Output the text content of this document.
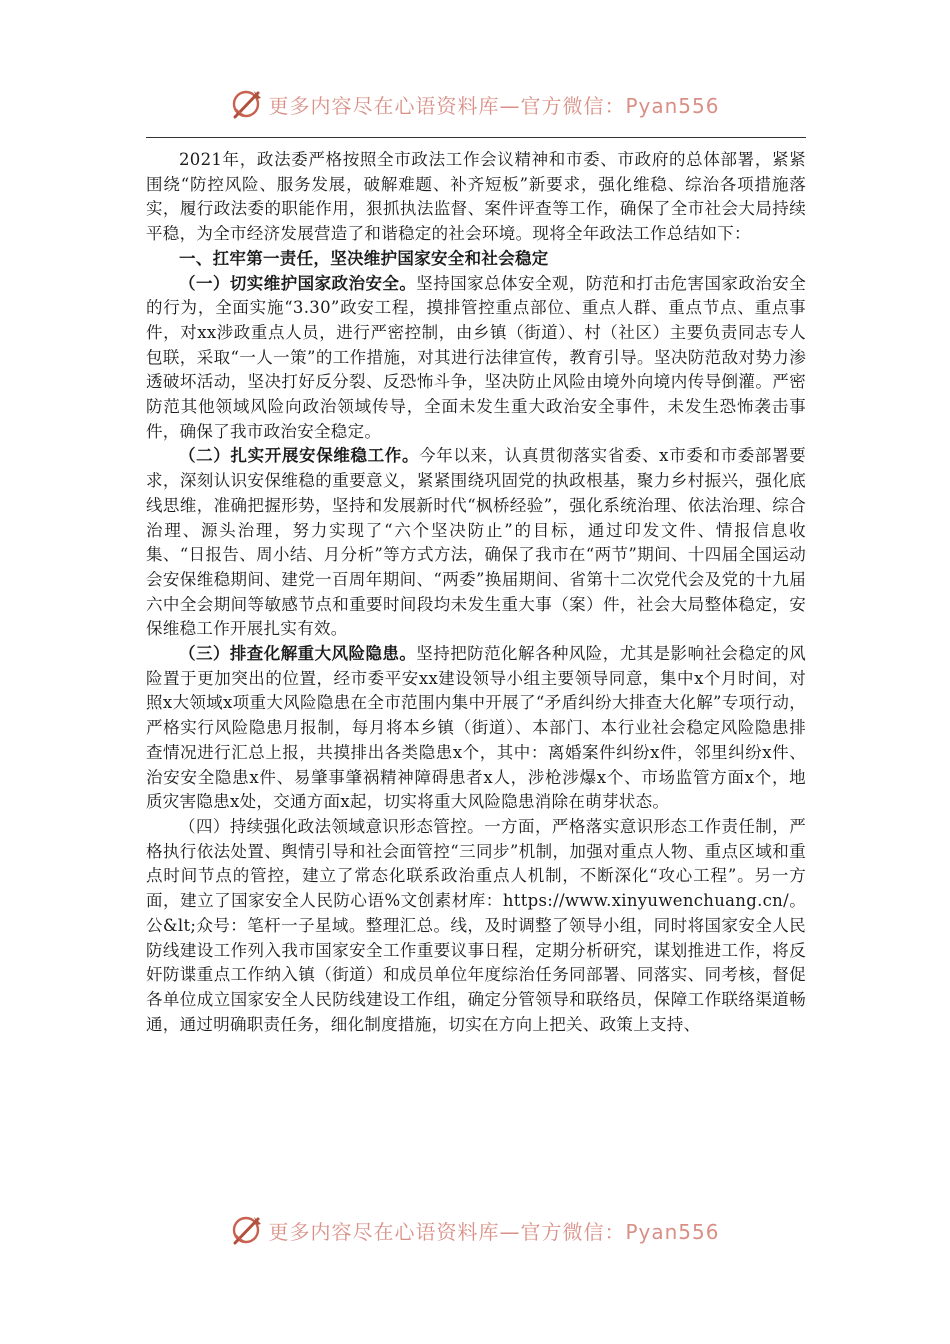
更多内容尽在心语资料库—官方微信：Pyan556

2021年，政法委严格按照全市政法工作会议精神和市委、市政府的总体部署，紧紧围绕“防控风险、服务发展，破解难题、补齐短板”新要求，强化维稳、综治各项措施落实，履行政法委的职能作用，狠抓执法监督、案件评查等工作，确保了全市社会大局持续平稳，为全市经济发展营造了和谐稳定的社会环境。现将全年政法工作总结如下：

一、扛牢第一责任，坚决维护国家安全和社会稳定

（一）切实维护国家政治安全。坚持国家总体安全观，防范和打击危害国家政治安全的行为，全面实施“3.30”政安工程，摸排管控重点部位、重点人群、重点节点、重点事件，对xx涉政重点人员，进行严密控制，由乡镇（街道）、村（社区）主要负责同志专人包联，采取“一人一策”的工作措施，对其进行法律宣传，教育引导。坚决防范敌对势力渗透破坏活动，坚决打好反分裂、反恐怖斗争，坚决防止风险由境外向境内传导倒灌。严密防范其他领域风险向政治领域传导，全面未发生重大政治安全事件，未发生恐怖袭击事件，确保了我市政治安全稳定。

（二）扎实开展安保维稳工作。今年以来，认真贯彻落实省委、x市委和市委部署要求，深刻认识安保维稳的重要意义，紧紧围绕巩固党的执政根基，聚力乡村振兴，强化底线思维，准确把握形势，坚持和发展新时代“枫桥经验”，强化系统治理、依法治理、综合治理、源头治理，努力实现了“六个坚决防止”的目标，通过印发文件、情报信息收集、“日报告、周小结、月分析”等方式方法，确保了我市在“两节”期间、十四届全国运动会安保维稳期间、建党一百周年期间、“两委”换届期间、省第十二次党代会及党的十九届六中全会期间等敏感节点和重要时间段均未发生重大事（案）件，社会大局整体稳定，安保维稳工作开展扎实有效。

（三）排查化解重大风险隐患。坚持把防范化解各种风险，尤其是影响社会稳定的风险置于更加突出的位置，经市委平安xx建设领导小组主要领导同意，集中x个月时间，对照x大领域x项重大风险隐患在全市范围内集中开展了“矛盾纠纷大排查大化解”专项行动，严格实行风险隐患月报制，每月将本乡镇（街道）、本部门、本行业社会稳定风险隐患排查情况进行汇总上报，共摸排出各类隐患x个，其中：离婚案件纠纷x件，邻里纠纷x件、治安安全隐患x件、易肇事肇祸精神障碍患者x人，涉枪涉爆x个、市场监管方面x个，地质灾害隐患x处，交通方面x起，切实将重大风险隐患消除在萌芽状态。

（四）持续强化政法领域意识形态管控。一方面，严格落实意识形态工作责任制，严格执行依法处置、舆情引导和社会面管控“三同步”机制，加强对重点人物、重点区域和重点时间节点的管控，建立了常态化联系政治重点人机制，不断深化“攻心工程”。另一方面，建立了国家安全人民防心语%文创素材库：https://www.xinyuwenchuang.cn/。公&lt;众号：笔杆一子星域。整理汇总。线，及时调整了领导小组，同时将国家安全人民防线建设工作列入我市国家安全工作重要议事日程，定期分析研究，谋划推进工作，将反奸防谍重点工作纳入镇（街道）和成员单位年度综治任务同部署、同落实、同考核，督促各单位成立国家安全人民防线建设工作组，确定分管领导和联络员，保障工作联络渠道畅通，通过明确职责任务，细化制度措施，切实在方向上把关、政策上支持、

更多内容尽在心语资料库—官方微信：Pyan556
